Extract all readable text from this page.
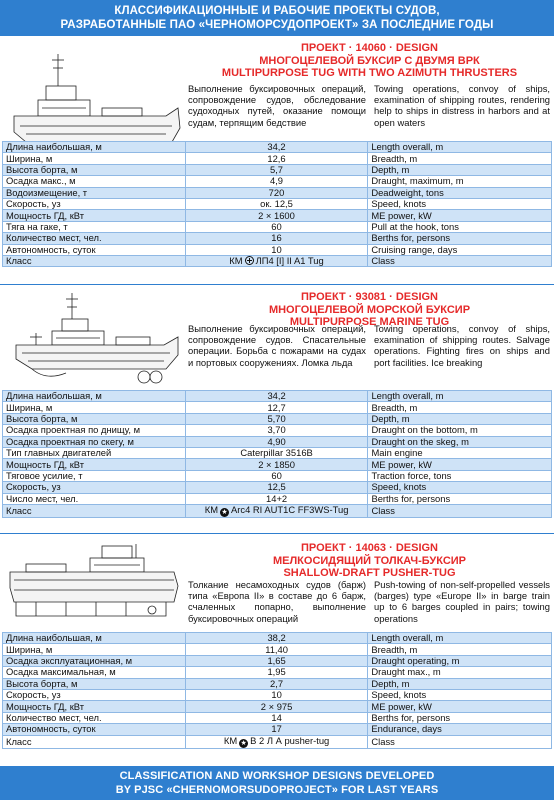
КЛАССИФИКАЦИОННЫЕ И РАБОЧИЕ ПРОЕКТЫ СУДОВ,
РАЗРАБОТАННЫЕ ПАО «ЧЕРНОМОРСУДОПРОЕКТ» ЗА ПОСЛЕДНИЕ ГОДЫ
ПРОЕКТ · 14060 · DESIGN
МНОГОЦЕЛЕВОЙ БУКСИР С ДВУМЯ ВРК
MULTIPURPOSE TUG WITH TWO AZIMUTH THRUSTERS
Выполнение буксировочных операций, сопровождение судов, обследование судоходных путей, оказание помощи судам, терпящим бедствие
Towing operations, convoy of ships, examination of shipping routes, rendering help to ships in distress in harbors and at open waters
Длина наибольшая, м	34,2	Length overall, m
Ширина, м	12,6	Breadth, m
Высота борта, м	5,7	Depth, m
Осадка макс., м	4,9	Draught, maximum, m
Водоизмещение, т	720	Deadweight, tons
Скорость, уз	ок. 12,5	Speed, knots
Мощность ГД, кВт	2 × 1600	ME power, kW
Тяга на гаке, т	60	Pull at the hook, tons
Количество мест, чел.	16	Berths for, persons
Автономность, суток	10	Cruising range, days
Класс	КМ ЛП4 [I] II A1 Tug	Class
ПРОЕКТ · 93081 · DESIGN
МНОГОЦЕЛЕВОЙ МОРСКОЙ БУКСИР
MULTIPURPOSE MARINE TUG
Выполнение буксировочных операций, сопровождение судов. Спасательные операции. Борьба с пожарами на судах и портовых сооружениях. Ломка льда
Towing operations, convoy of ships, examination of shipping routes. Salvage operations. Fighting fires on ships and port facilities. Ice breaking
Длина наибольшая, м	34,2	Length overall, m
Ширина, м	12,7	Breadth, m
Высота борта, м	5,70	Depth, m
Осадка проектная по днищу, м	3,70	Draught on the bottom, m
Осадка проектная по скегу, м	4,90	Draught on the skeg, m
Тип главных двигателей	Caterpillar 3516B	Main engine
Мощность ГД, кВт	2 × 1850	ME power, kW
Тяговое усилие, т	60	Traction force, tons
Скорость, уз	12,5	Speed, knots
Число мест, чел.	14+2	Berths for, persons
Класс	КМ ★ Arc4 RI AUT1C FF3WS-Tug	Class
ПРОЕКТ · 14063 · DESIGN
МЕЛКОСИДЯЩИЙ ТОЛКАЧ-БУКСИР
SHALLOW-DRAFT PUSHER-TUG
Толкание несамоходных судов (барж) типа «Европа II» в составе до 6 барж, счаленных попарно, выполнение буксировочных операций
Push-towing of non-self-propelled vessels (barges) type «Europe II» in barge train up to 6 barges coupled in pairs; towing operations
Длина наибольшая, м	38,2	Length overall, m
Ширина, м	11,40	Breadth, m
Осадка эксплуатационная, м	1,65	Draught operating, m
Осадка максимальная, м	1,95	Draught max., m
Высота борта, м	2,7	Depth, m
Скорость, уз	10	Speed, knots
Мощность ГД, кВт	2 × 975	ME power, kW
Количество мест, чел.	14	Berths for, persons
Автономность, суток	17	Endurance, days
Класс	КМ ★ В 2 Л А pusher-tug	Class
CLASSIFICATION AND WORKSHOP DESIGNS DEVELOPED
BY PJSC «CHERNOMORSUDOPROJECT» FOR LAST YEARS
